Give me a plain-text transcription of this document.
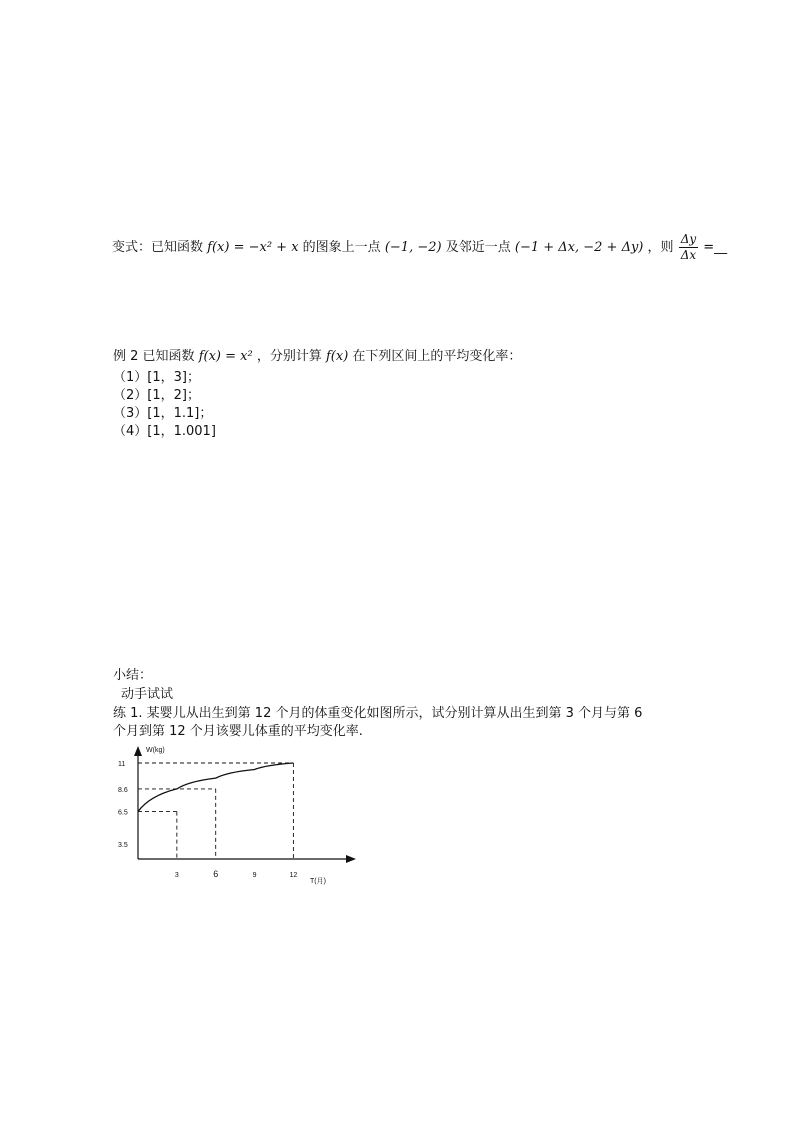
变式：已知函数 f(x) = −x² + x 的图象上一点 (−1, −2) 及邻近一点 (−1 + Δx, −2 + Δy) ，则 $\frac{\Delta y}{\Delta x}$ =__
例 2 已知函数 f(x) = x² ，分别计算 f(x) 在下列区间上的平均变化率：
（1）[1，3]；
（2）[1，2]；
（3）[1，1.1]；
（4）[1，1.001]
小结：
动手试试
练 1. 某婴儿从出生到第 12 个月的体重变化如图所示，试分别计算从出生到第 3 个月与第 6
个月到第 12 个月该婴儿体重的平均变化率.
W(kg)
T(月)
3.5
6.5
8.6
11
3	6	9	12
